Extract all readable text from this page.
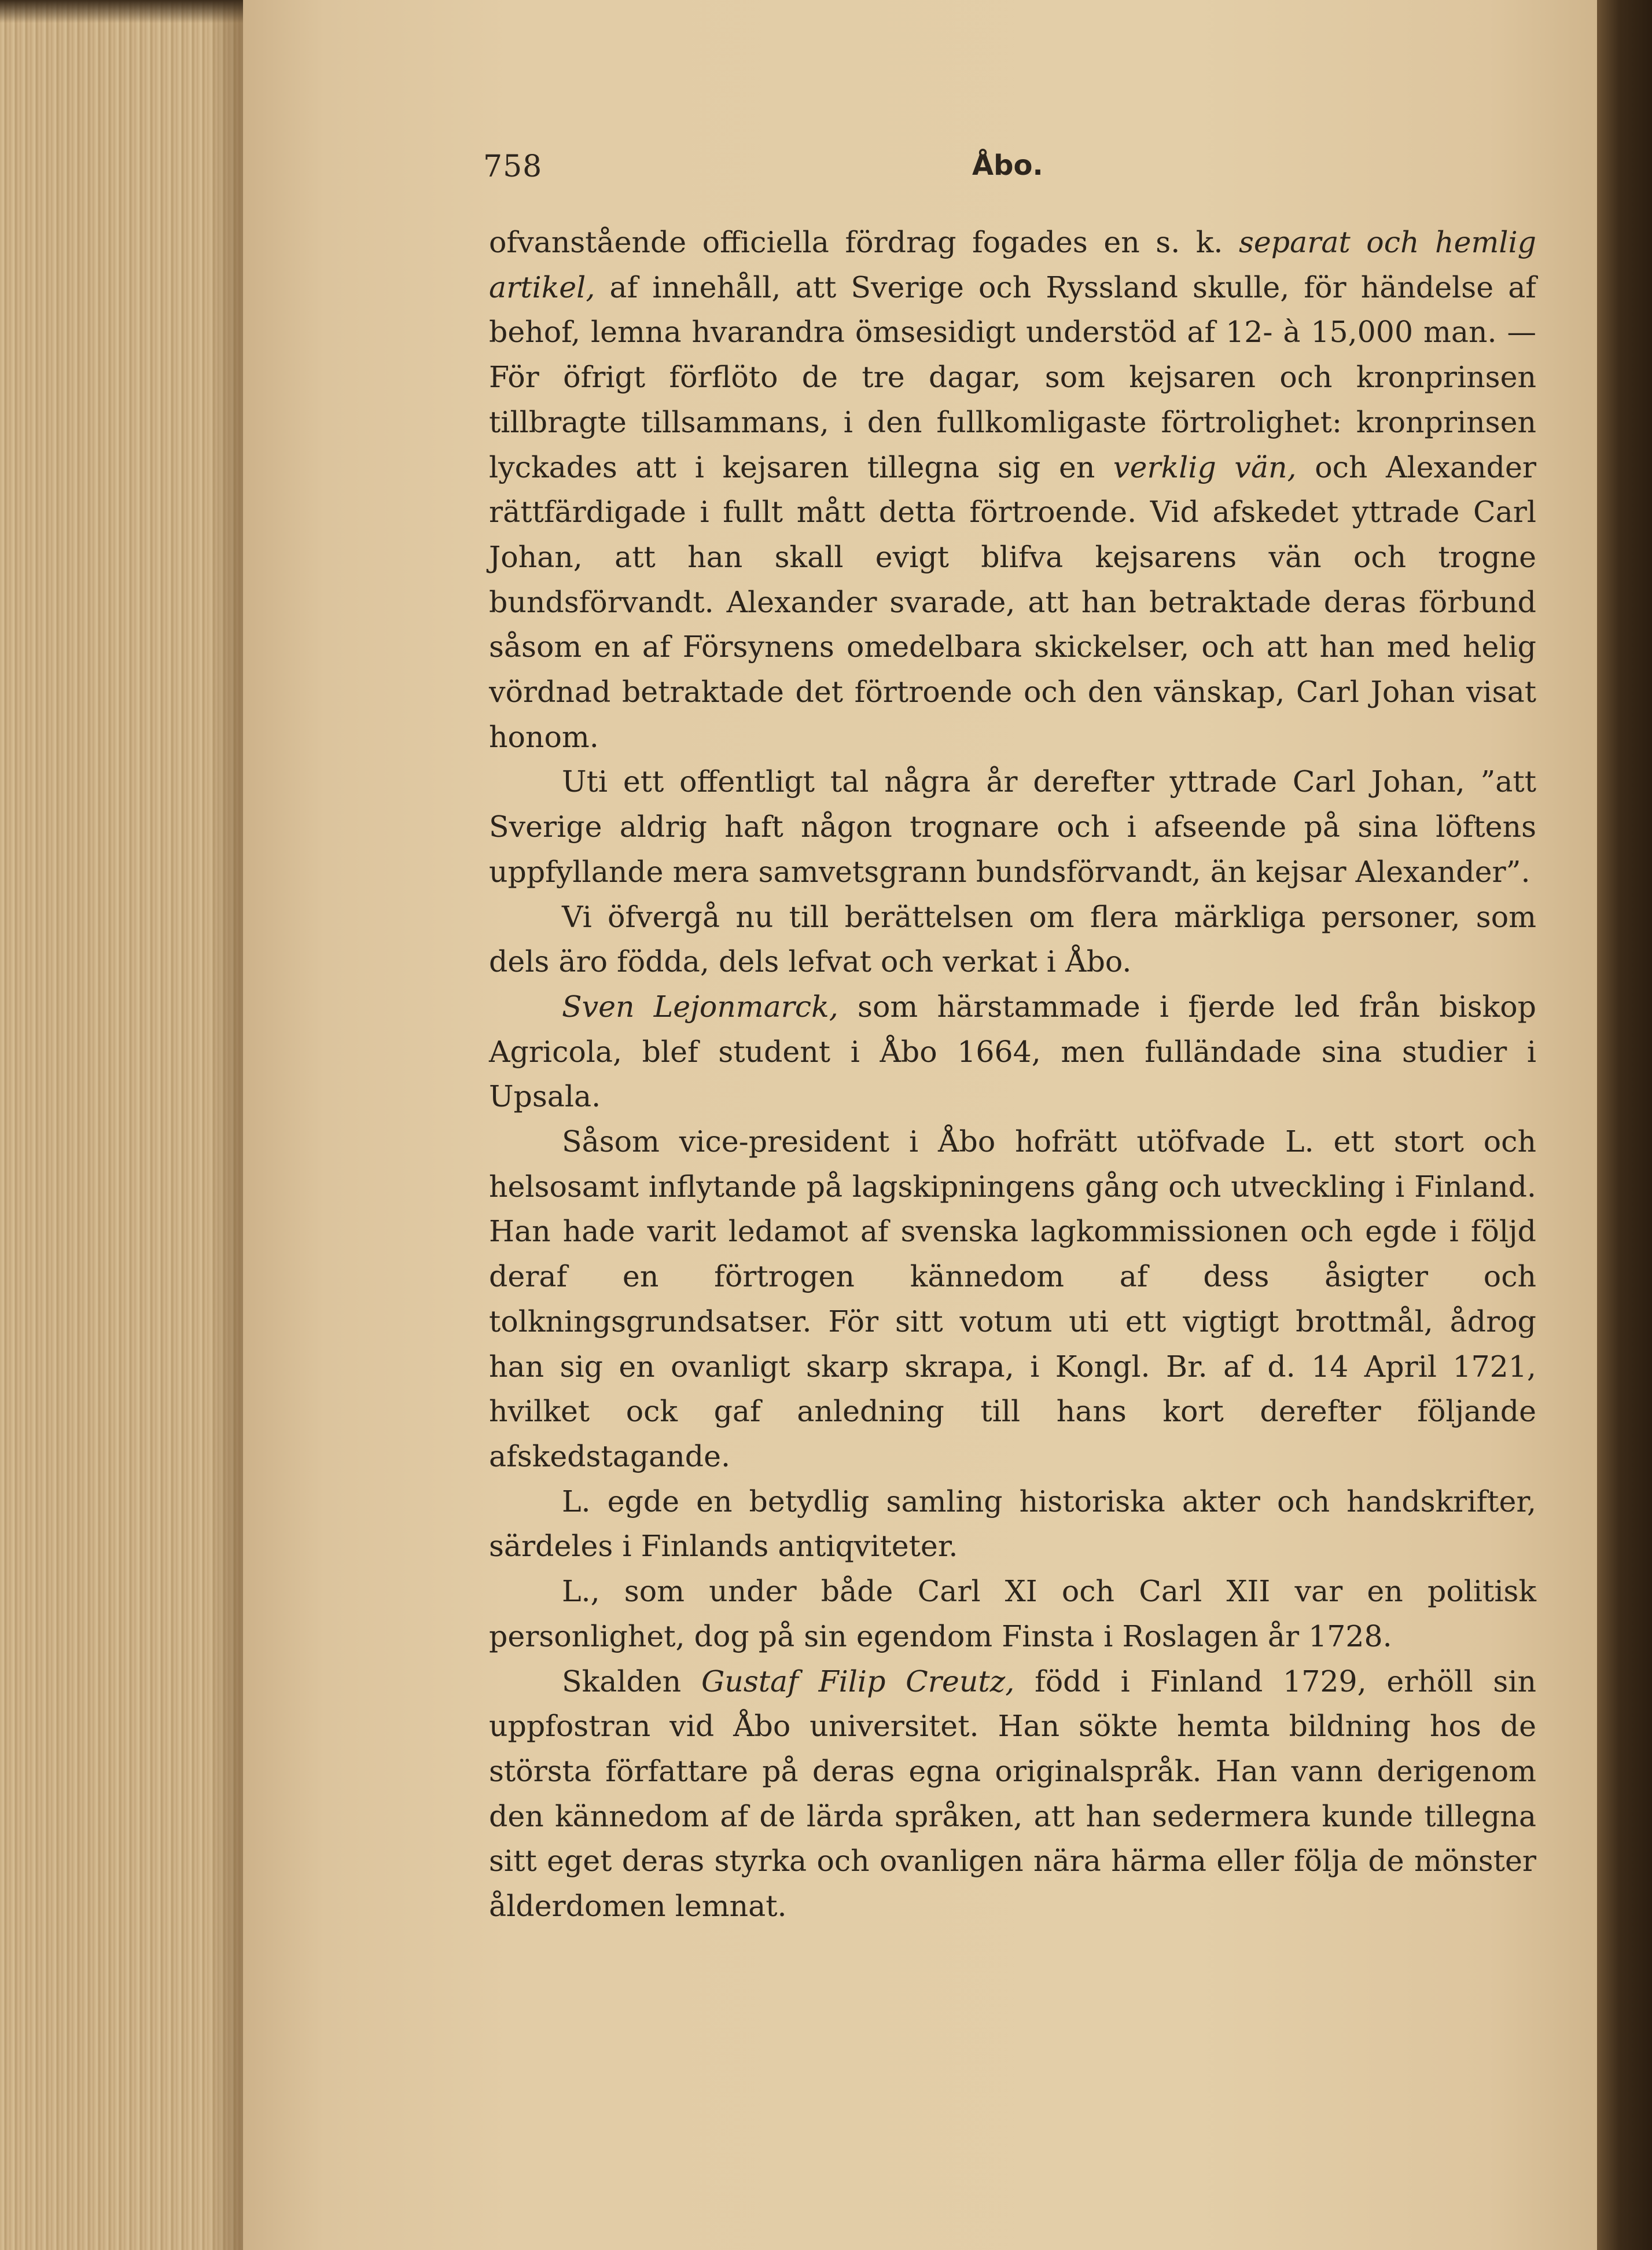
758	Åbo.

ofvanstående officiella fördrag fogades en s. k. separat och hemlig artikel, af innehåll, att Sverige och Ryssland skulle, för händelse af behof, lemna hvarandra ömsesidigt understöd af 12- à 15,000 man. — För öfrigt förflöto de tre dagar, som kejsaren och kronprinsen tillbragte tillsammans, i den fullkomligaste förtrolighet: kronprinsen lyckades att i kejsaren tillegna sig en verklig vän, och Alexander rättfärdigade i fullt mått detta förtroende. Vid afskedet yttrade Carl Johan, att han skall evigt blifva kejsarens vän och trogne bundsförvandt. Alexander svarade, att han betraktade deras förbund såsom en af Försynens omedelbara skickelser, och att han med helig vördnad betraktade det förtroende och den vänskap, Carl Johan visat honom.

Uti ett offentligt tal några år derefter yttrade Carl Johan, ”att Sverige aldrig haft någon trognare och i afseende på sina löftens uppfyllande mera samvetsgrann bundsförvandt, än kejsar Alexander”.

Vi öfvergå nu till berättelsen om flera märkliga personer, som dels äro födda, dels lefvat och verkat i Åbo.

Sven Lejonmarck, som härstammade i fjerde led från biskop Agricola, blef student i Åbo 1664, men fulländade sina studier i Upsala.

Såsom vice-president i Åbo hofrätt utöfvade L. ett stort och helsosamt inflytande på lagskipningens gång och utveckling i Finland. Han hade varit ledamot af svenska lagkommissionen och egde i följd deraf en förtrogen kännedom af dess åsigter och tolkningsgrundsatser. För sitt votum uti ett vigtigt brottmål, ådrog han sig en ovanligt skarp skrapa, i Kongl. Br. af d. 14 April 1721, hvilket ock gaf anledning till hans kort derefter följande afskedstagande.

L. egde en betydlig samling historiska akter och handskrifter, särdeles i Finlands antiqviteter.

L., som under både Carl XI och Carl XII var en politisk personlighet, dog på sin egendom Finsta i Roslagen år 1728.

Skalden Gustaf Filip Creutz, född i Finland 1729, erhöll sin uppfostran vid Åbo universitet. Han sökte hemta bildning hos de största författare på deras egna originalspråk. Han vann derigenom den kännedom af de lärda språken, att han sedermera kunde tillegna sitt eget deras styrka och ovanligen nära härma eller följa de mönster ålderdomen lemnat.
